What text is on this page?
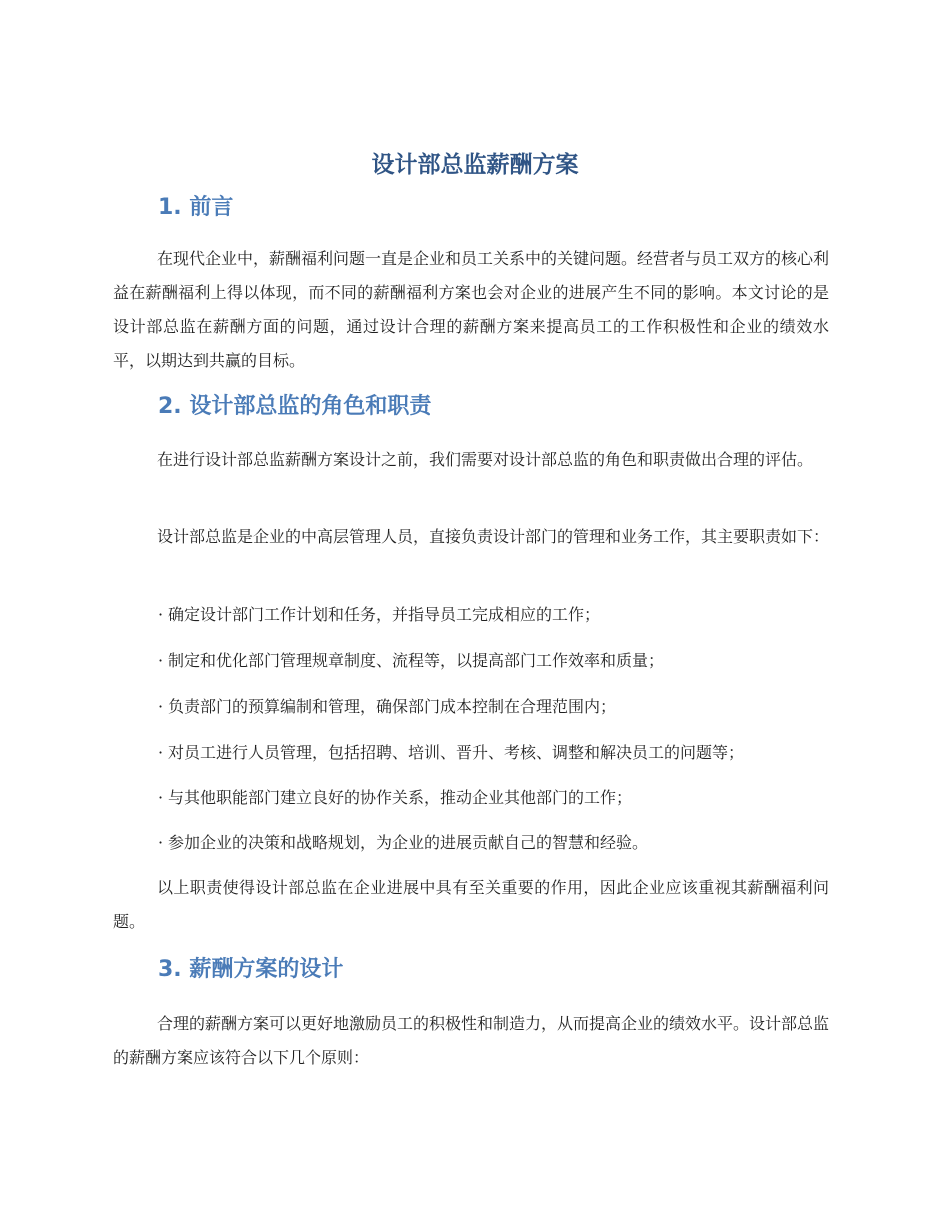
设计部总监薪酬方案
1. 前言

在现代企业中，薪酬福利问题一直是企业和员工关系中的关键问题。经营者与员工双方的核心利益在薪酬福利上得以体现，而不同的薪酬福利方案也会对企业的进展产生不同的影响。本文讨论的是设计部总监在薪酬方面的问题，通过设计合理的薪酬方案来提高员工的工作积极性和企业的绩效水平，以期达到共赢的目标。

2. 设计部总监的角色和职责

在进行设计部总监薪酬方案设计之前，我们需要对设计部总监的角色和职责做出合理的评估。

设计部总监是企业的中高层管理人员，直接负责设计部门的管理和业务工作，其主要职责如下：

· 确定设计部门工作计划和任务，并指导员工完成相应的工作；

· 制定和优化部门管理规章制度、流程等，以提高部门工作效率和质量；

· 负责部门的预算编制和管理，确保部门成本控制在合理范围内；

· 对员工进行人员管理，包括招聘、培训、晋升、考核、调整和解决员工的问题等；

· 与其他职能部门建立良好的协作关系，推动企业其他部门的工作；

· 参加企业的决策和战略规划，为企业的进展贡献自己的智慧和经验。

以上职责使得设计部总监在企业进展中具有至关重要的作用，因此企业应该重视其薪酬福利问题。

3. 薪酬方案的设计

合理的薪酬方案可以更好地激励员工的积极性和制造力，从而提高企业的绩效水平。设计部总监的薪酬方案应该符合以下几个原则：
